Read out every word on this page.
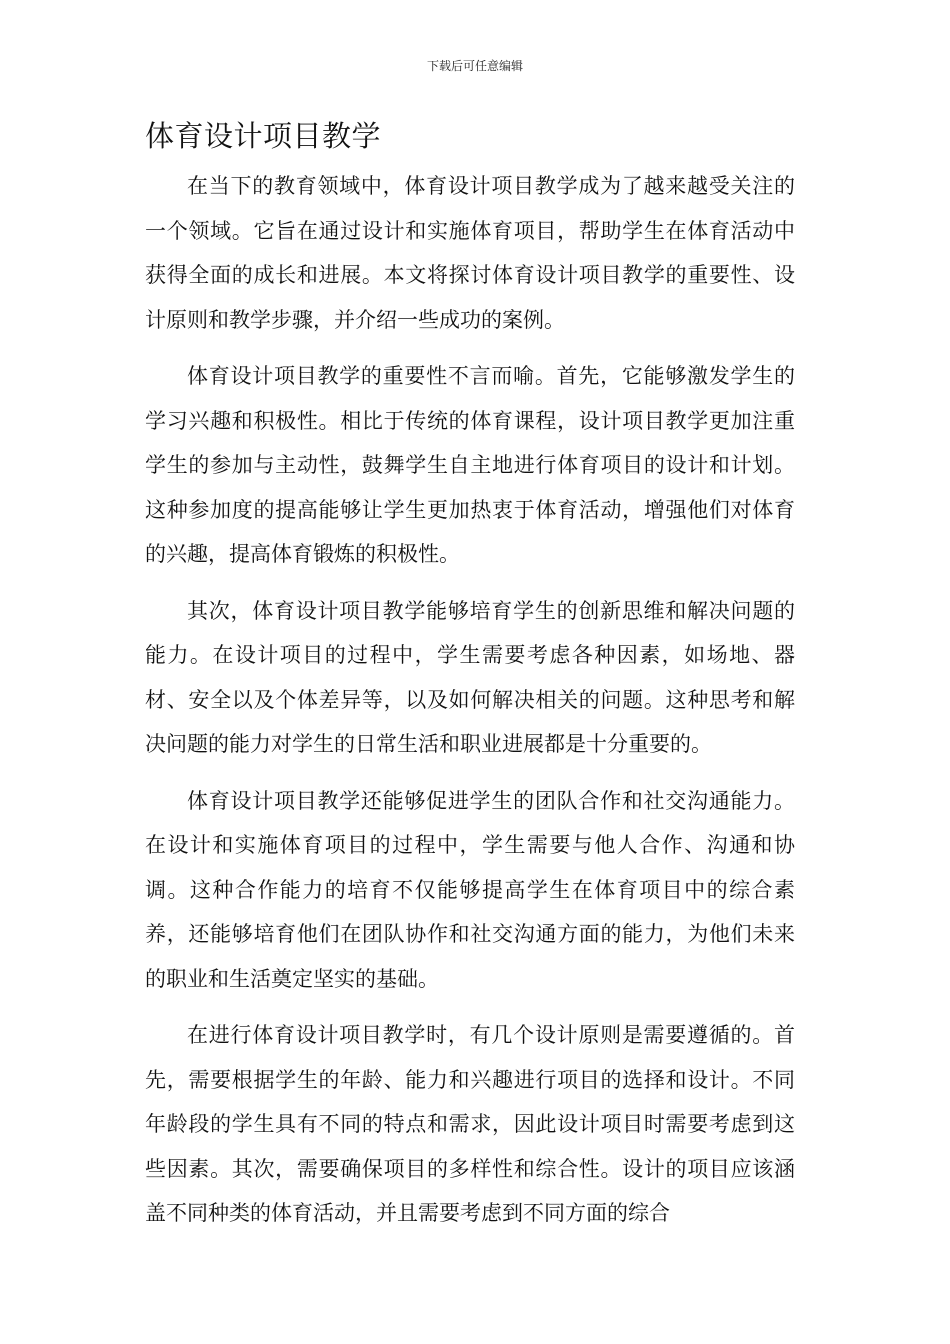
下载后可任意编辑
体育设计项目教学

在当下的教育领域中，体育设计项目教学成为了越来越受关注的一个领域。它旨在通过设计和实施体育项目，帮助学生在体育活动中获得全面的成长和进展。本文将探讨体育设计项目教学的重要性、设计原则和教学步骤，并介绍一些成功的案例。

体育设计项目教学的重要性不言而喻。首先，它能够激发学生的学习兴趣和积极性。相比于传统的体育课程，设计项目教学更加注重学生的参加与主动性，鼓舞学生自主地进行体育项目的设计和计划。这种参加度的提高能够让学生更加热衷于体育活动，增强他们对体育的兴趣，提高体育锻炼的积极性。

其次，体育设计项目教学能够培育学生的创新思维和解决问题的能力。在设计项目的过程中，学生需要考虑各种因素，如场地、器材、安全以及个体差异等，以及如何解决相关的问题。这种思考和解决问题的能力对学生的日常生活和职业进展都是十分重要的。

体育设计项目教学还能够促进学生的团队合作和社交沟通能力。在设计和实施体育项目的过程中，学生需要与他人合作、沟通和协调。这种合作能力的培育不仅能够提高学生在体育项目中的综合素养，还能够培育他们在团队协作和社交沟通方面的能力，为他们未来的职业和生活奠定坚实的基础。

在进行体育设计项目教学时，有几个设计原则是需要遵循的。首先，需要根据学生的年龄、能力和兴趣进行项目的选择和设计。不同年龄段的学生具有不同的特点和需求，因此设计项目时需要考虑到这些因素。其次，需要确保项目的多样性和综合性。设计的项目应该涵盖不同种类的体育活动，并且需要考虑到不同方面的综合
